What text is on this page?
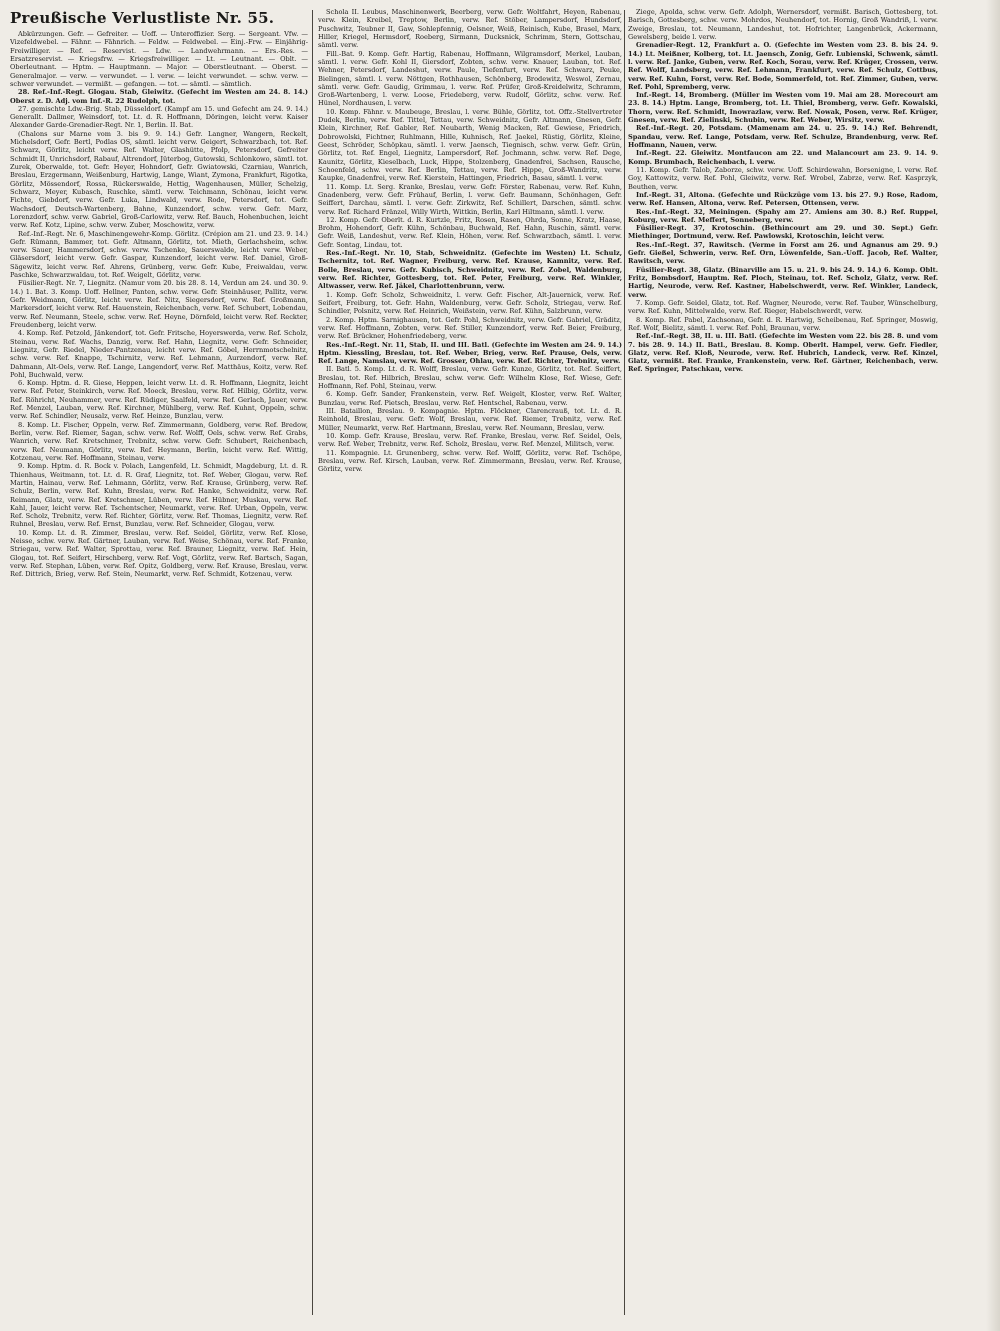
Preußische Verlustliste Nr. 55.

Abkürzungen. Gefr. — Gefreiter. — Uoff. — Unteroffizier. Serg. — Sergeant. Vfw. — Vizefeldwebel. — Fähnr. — Fähnrich. — Feldw. — Feldwebel. — Einj.-Frw. — Einjährig-Freiwilliger. — Ref. — Reservist. — Ldw. — Landwehrmann. — Ers.-Res. — Ersatzreservist. — Kriegsfrw. — Kriegsfreiwilliger. — Lt. — Leutnant. — Oblt. — Oberleutnant. — Hptm. — Hauptmann. — Major. — Oberstleutnant. — Oberst. — Generalmajor. — verw. — verwundet. — l. verw. — leicht verwundet. — schw. verw. — schwer verwundet. — vermißt. — gefangen. — tot. — sämtl. — sämtlich.

28. Ref.-Inf.-Regt. Glogau. Stab, Gleiwitz. (Gefecht im Westen am 24. 8. 14.) Oberst z. D. Adj. vom Inf.-R. 22 Rudolph, tot.

27. gemischte Ldw.-Brig. Stab, Düsseldorf. (Kampf am 15. und Gefecht am 24. 9. 14.) Generallt. Dallmer, Weinsdorf, tot. Lt. d. R. Hoffmann, Döringen, leicht verw. Kaiser Alexander Garde-Grenadier-Regt. Nr. 1, Berlin. II. Bat.

(Chalons sur Marne vom 3. bis 9. 9. 14.) Gefr. Langner, Wangern, Reckelt, Michelsdorf, Gefr. Bertl, Podlas OS, sämtl. leicht verw. Geigert, Schwarzbach, tot. Ref. Schwarz, Görlitz, leicht verw. Ref. Walter, Glashütte, Pfolp, Petersdorf, Gefreiter Schmidt II, Unrichsdorf, Rabauf, Altrendorf, Jüterbog, Gutowski, Schlonkowo, sämtl. tot. Zurek, Oberwalde, tot. Gefr. Heyer, Hohndorf, Gefr. Gwiatowski, Czarniau, Wanrich, Breslau, Erzgermann, Weißenburg, Hartwig, Lange, Wiant, Zymona, Frankfurt, Rigotka, Görlitz, Mössendorf, Rossa, Rückerswalde, Hettig, Wagenhausen, Müller, Schelzig, Schwarz, Meyer, Kubasch, Ruschke, sämtl. verw. Teichmann, Schönau, leicht verw. Fichte, Giebdorf, verw. Gefr. Luka, Lindwald, verw. Rode, Petersdorf, tot. Gefr. Wachsdorf, Deutsch-Wartenberg, Bahne, Kunzendorf, schw. verw. Gefr. Marz, Lorenzdorf, schw. verw. Gabriel, Groß-Carlowitz, verw. Ref. Bauch, Hohenbuchen, leicht verw. Ref. Kotz, Lipine, schw. verw. Zuber, Moschowitz, verw.

Ref.-Inf.-Regt. Nr. 6, Maschinengewehr-Komp. Görlitz. (Crépion am 21. und 23. 9. 14.) Gefr. Rümann, Bammer, tot. Gefr. Altmann, Görlitz, tot. Mieth, Gerlachsheim, schw. verw. Sauer, Hammersdorf, schw. verw. Tschenke, Sauerswalde, leicht verw. Weber, Gläsersdorf, leicht verw. Gefr. Gaspar, Kunzendorf, leicht verw. Ref. Daniel, Groß-Sägewitz, leicht verw. Ref. Ahrens, Grünberg, verw. Gefr. Kube, Freiwaldau, verw. Paschke, Schwarzwaldau, tot. Ref. Weigelt, Görlitz, verw.

Füsilier-Regt. Nr. 7, Liegnitz. (Namur vom 20. bis 28. 8. 14, Verdun am 24. und 30. 9. 14.) 1. Bat. 3. Komp. Uoff. Hellner, Panten, schw. verw. Gefr. Steinhäuser, Pallitz, verw. Gefr. Weidmann, Görlitz, leicht verw. Ref. Nitz, Siegersdorf, verw. Ref. Großmann, Markersdorf, leicht verw. Ref. Hauenstein, Reichenbach, verw. Ref. Schubert, Lobendau, verw. Ref. Neumann, Steele, schw. verw. Ref. Heyne, Dörnfeld, leicht verw. Ref. Reckter, Freudenberg, leicht verw.

4. Komp. Ref. Petzold, Jänkendorf, tot. Gefr. Fritsche, Hoyerswerda, verw. Ref. Scholz, Steinau, verw. Ref. Wachs, Danzig, verw. Ref. Hahn, Liegnitz, verw. Gefr. Schneider, Liegnitz, Gefr. Riedel, Nieder-Pantzenau, leicht verw. Ref. Göbel, Herrnmotschelnitz, schw. verw. Ref. Knappe, Tschirnitz, verw. Ref. Lehmann, Aurzendorf, verw. Ref. Dahmann, Alt-Oels, verw. Ref. Lange, Langendorf, verw. Ref. Matthäus, Koitz, verw. Ref. Pohl, Buchwald, verw.

6. Komp. Hptm. d. R. Giese, Heppen, leicht verw. Lt. d. R. Hoffmann, Liegnitz, leicht verw. Ref. Peter, Steinkirch, verw. Ref. Moeck, Breslau, verw. Ref. Hilbig, Görlitz, verw. Ref. Röhricht, Neuhammer, verw. Ref. Rüdiger, Saalfeld, verw. Ref. Gerlach, Jauer, verw. Ref. Menzel, Lauban, verw. Ref. Kirchner, Mühlberg, verw. Ref. Kuhnt, Oppeln, schw. verw. Ref. Schindler, Neusalz, verw. Ref. Heinze, Bunzlau, verw.

8. Komp. Lt. Fischer, Oppeln, verw. Ref. Zimmermann, Goldberg, verw. Ref. Bredow, Berlin, verw. Ref. Riemer, Sagan, schw. verw. Ref. Wolff, Oels, schw. verw. Ref. Grabs, Wanrich, verw. Ref. Kretschmer, Trebnitz, schw. verw. Gefr. Schubert, Reichenbach, verw. Ref. Neumann, Görlitz, verw. Ref. Heymann, Berlin, leicht verw. Ref. Wittig, Kotzenau, verw. Ref. Hoffmann, Steinau, verw.

9. Komp. Hptm. d. R. Bock v. Polach, Langenfeld, Lt. Schmidt, Magdeburg, Lt. d. R. Thienhaus, Weitmann, tot. Lt. d. R. Graf, Liegnitz, tot. Ref. Weber, Glogau, verw. Ref. Martin, Hainau, verw. Ref. Lehmann, Görlitz, verw. Ref. Krause, Grünberg, verw. Ref. Schulz, Berlin, verw. Ref. Kuhn, Breslau, verw. Ref. Hanke, Schweidnitz, verw. Ref. Reimann, Glatz, verw. Ref. Kretschmer, Lüben, verw. Ref. Hübner, Muskau, verw. Ref. Kahl, Jauer, leicht verw. Ref. Tschentscher, Neumarkt, verw. Ref. Urban, Oppeln, verw. Ref. Scholz, Trebnitz, verw. Ref. Richter, Görlitz, verw. Ref. Thomas, Liegnitz, verw. Ref. Ruhnel, Breslau, verw. Ref. Ernst, Bunzlau, verw. Ref. Schneider, Glogau, verw.

10. Komp. Lt. d. R. Zimmer, Breslau, verw. Ref. Seidel, Görlitz, verw. Ref. Klose, Neisse, schw. verw. Ref. Gärtner, Lauban, verw. Ref. Weise, Schönau, verw. Ref. Franke, Striegau, verw. Ref. Walter, Sprottau, verw. Ref. Brauner, Liegnitz, verw. Ref. Hein, Glogau, tot. Ref. Seifert, Hirschberg, verw. Ref. Vogt, Görlitz, verw. Ref. Bartsch, Sagan, verw. Ref. Stephan, Lüben, verw. Ref. Opitz, Goldberg, verw. Ref. Krause, Breslau, verw. Ref. Dittrich, Brieg, verw. Ref. Stein, Neumarkt, verw. Ref. Schmidt, Kotzenau, verw.

Schola II. Leubus, Maschinenwerk, Beerberg, verw. Gefr. Woltfahrt, Heyen, Rabenau, verw. Klein, Kreibel, Treptow, Berlin, verw. Ref. Stöber, Lampersdorf, Hundsdorf, Puschwitz, Teubner II, Gaw, Sohlepfennig, Oelsner, Weiß, Reinisch, Kube, Brasel, Marx, Hiller, Kriegel, Hermsdorf, Roeberg, Sirmann, Ducksnick, Schrimm, Stern, Gottschau, sämtl. verw.

Fill.-Bat. 9. Komp. Gefr. Hartig, Rabenau, Hoffmann, Wilgramsdorf, Merkel, Lauban, sämtl. l. verw. Gefr. Kohl II, Giersdorf, Zobten, schw. verw. Knauer, Lauban, tot. Ref. Wehner, Petersdorf, Landeshut, verw. Paule, Tiefenfurt, verw. Ref. Schwarz, Peuke, Bielingen, sämtl. l. verw. Nöttgen, Rothhausen, Schönberg, Brodewitz, Weswol, Zernau, sämtl. verw. Gefr. Gaudig, Grimmau, l. verw. Ref. Prüfer, Groß-Kreidelwitz, Schramm, Groß-Wartenberg, l. verw. Loose, Friedeberg, verw. Rudolf, Görlitz, schw. verw. Ref. Hünel, Nordhausen, l. verw.

10. Komp. Fähnr. v. Maubeuge, Breslau, l. verw. Bühle, Görlitz, tot. Offz.-Stellvertreter Dudek, Berlin, verw. Ref. Tittel, Tettau, verw. Schweidnitz, Gefr. Altmann, Gnesen, Gefr. Klein, Kirchner, Ref. Gabler, Ref. Neubarth, Wenig Macken, Ref. Gewiese, Friedrich, Dobrowolski, Fichtner, Ruhlmann, Hille, Kuhnisch, Ref. Jaekel, Rüstig, Görlitz, Kleine, Geest, Schröder, Schöpkau, sämtl. l. verw. Jaensch, Tiegnisch, schw. verw. Gefr. Grün, Görlitz, tot. Ref. Engel, Liegnitz, Lampersdorf, Ref. Jochmann, schw. verw. Ref. Dege, Kaunitz, Görlitz, Kieselbach, Luck, Hippe, Stolzenberg, Gnadenfrei, Sachsen, Rausche, Schoenfeld, schw. verw. Ref. Berlin, Tettau, verw. Ref. Hippe, Groß-Wandritz, verw. Kaupke, Gnadenfrei, verw. Ref. Kierstein, Hattingen, Friedrich, Basau, sämtl. l. verw.

11. Komp. Lt. Serg. Kranke, Breslau, verw. Gefr. Förster, Rabenau, verw. Ref. Kuhn, Gnadenberg, verw. Gefr. Frühauf, Berlin, l. verw. Gefr. Baumann, Schönhagen, Gefr. Seiffert, Darchau, sämtl. l. verw. Gefr. Zirkwitz, Ref. Schillert, Darschen, sämtl. schw. verw. Ref. Richard Fränzel, Willy Wirth, Wittkin, Berlin, Karl Hiltmann, sämtl. l. verw.

12. Komp. Gefr. Oberlt. d. R. Kurtzle, Fritz, Rosen, Rasen, Ohrda, Sonne, Kratz, Haase, Brohm, Hohendorf, Gefr. Kühn, Schönbau, Buchwald, Ref. Hahn, Ruschin, sämtl. verw. Gefr. Weiß, Landeshut, verw. Ref. Klein, Höhen, verw. Ref. Schwarzbach, sämtl. l. verw. Gefr. Sontag, Lindau, tot.

Res.-Inf.-Regt. Nr. 10, Stab, Schweidnitz. (Gefechte im Westen) Lt. Schulz, Tschernitz, tot. Ref. Wagner, Freiburg, verw. Ref. Krause, Kamnitz, verw. Ref. Bolle, Breslau, verw. Gefr. Kubisch, Schweidnitz, verw. Ref. Zobel, Waldenburg, verw. Ref. Richter, Gottesberg, tot. Ref. Peter, Freiburg, verw. Ref. Winkler, Altwasser, verw. Ref. Jäkel, Charlottenbrunn, verw.

1. Komp. Gefr. Scholz, Schweidnitz, l. verw. Gefr. Fischer, Alt-Jauernick, verw. Ref. Seifert, Freiburg, tot. Gefr. Hahn, Waldenburg, verw. Gefr. Scholz, Striegau, verw. Ref. Schindler, Polsnitz, verw. Ref. Heinrich, Weißstein, verw. Ref. Kühn, Salzbrunn, verw.

2. Komp. Hptm. Sarnighausen, tot. Gefr. Pohl, Schweidnitz, verw. Gefr. Gabriel, Gräditz, verw. Ref. Hoffmann, Zobten, verw. Ref. Stiller, Kunzendorf, verw. Ref. Beier, Freiburg, verw. Ref. Brückner, Hohenfriedeberg, verw.

Res.-Inf.-Regt. Nr. 11, Stab, II. und III. Batl. (Gefechte im Westen am 24. 9. 14.) Hptm. Kiessling, Breslau, tot. Ref. Weber, Brieg, verw. Ref. Prause, Oels, verw. Ref. Lange, Namslau, verw. Ref. Grosser, Ohlau, verw. Ref. Richter, Trebnitz, verw.

II. Batl. 5. Komp. Lt. d. R. Wolff, Breslau, verw. Gefr. Kunze, Görlitz, tot. Ref. Seiffert, Breslau, tot. Ref. Hilbrich, Breslau, schw. verw. Gefr. Wilhelm Klose, Ref. Wiese, Gefr. Hoffmann, Ref. Pohl, Steinau, verw.

6. Komp. Gefr. Sander, Frankenstein, verw. Ref. Weigelt, Kloster, verw. Ref. Walter, Bunzlau, verw. Ref. Pietsch, Breslau, verw. Ref. Hentschel, Rabenau, verw.

III. Bataillon, Breslau. 9. Kompagnie. Hptm. Flöckner, Clarencrauß, tot. Lt. d. R. Reinhold, Breslau, verw. Gefr. Wolf, Breslau, verw. Ref. Riemer, Trebnitz, verw. Ref. Müller, Neumarkt, verw. Ref. Hartmann, Breslau, verw. Ref. Neumann, Breslau, verw.

10. Komp. Gefr. Krause, Breslau, verw. Ref. Franke, Breslau, verw. Ref. Seidel, Oels, verw. Ref. Weber, Trebnitz, verw. Ref. Scholz, Breslau, verw. Ref. Menzel, Militsch, verw.

11. Kompagnie. Lt. Grunenberg, schw. verw. Ref. Wolff, Görlitz, verw. Ref. Tschöpe, Breslau, verw. Ref. Kirsch, Lauban, verw. Ref. Zimmermann, Breslau, verw. Ref. Krause, Görlitz, verw.

Ziege, Apolda, schw. verw. Gefr. Adolph, Wernersdorf, vermißt. Barisch, Gottesberg, tot. Barisch, Gottesberg, schw. verw. Mohrdos, Neuhendorf, tot. Hornig, Groß Wandriß, l. verw. Zweige, Breslau, tot. Neumann, Landeshut, tot. Hofrichter, Langenbrück, Ackermann, Gewelsberg, beide l. verw.

Grenadier-Regt. 12, Frankfurt a. O. (Gefechte im Westen vom 23. 8. bis 24. 9. 14.) Lt. Meißner, Kolberg, tot. Lt. Jaensch, Zonig, Gefr. Lubienski, Schwenk, sämtl. l. verw. Ref. Janke, Guben, verw. Ref. Koch, Sorau, verw. Ref. Krüger, Crossen, verw. Ref. Wolff, Landsberg, verw. Ref. Lehmann, Frankfurt, verw. Ref. Schulz, Cottbus, verw. Ref. Kuhn, Forst, verw. Ref. Bode, Sommerfeld, tot. Ref. Zimmer, Guben, verw. Ref. Pohl, Spremberg, verw.

Inf.-Regt. 14, Bromberg. (Müller im Westen vom 19. Mai am 28. Morecourt am 23. 8. 14.) Hptm. Lange, Bromberg, tot. Lt. Thiel, Bromberg, verw. Gefr. Kowalski, Thorn, verw. Ref. Schmidt, Inowrazlaw, verw. Ref. Nowak, Posen, verw. Ref. Krüger, Gnesen, verw. Ref. Zielinski, Schubin, verw. Ref. Weber, Wirsitz, verw.

Ref.-Inf.-Regt. 20, Potsdam. (Mamenam am 24. u. 25. 9. 14.) Ref. Behrendt, Spandau, verw. Ref. Lange, Potsdam, verw. Ref. Schulze, Brandenburg, verw. Ref. Hoffmann, Nauen, verw.

Inf.-Regt. 22. Gleiwitz. Montfaucon am 22. und Malancourt am 23. 9. 14. 9. Komp. Brumbach, Reichenbach, l. verw.

11. Komp. Gefr. Talob, Zaborze, schw. verw. Uoff. Schirdewahn, Borsenigne, l. verw. Ref. Goy, Kattowitz, verw. Ref. Pohl, Gleiwitz, verw. Ref. Wrobel, Zabrze, verw. Ref. Kasprzyk, Beuthen, verw.

Inf.-Regt. 31, Altona. (Gefechte und Rückzüge vom 13. bis 27. 9.) Rose, Radom, verw. Ref. Hansen, Altona, verw. Ref. Petersen, Ottensen, verw.

Res.-Inf.-Regt. 32, Meiningen. (Spahy am 27. Amiens am 30. 8.) Ref. Ruppel, Koburg, verw. Ref. Meffert, Sonneberg, verw.

Füsilier-Regt. 37, Krotoschin. (Bethincourt am 29. und 30. Sept.) Gefr. Miethinger, Dortmund, verw. Ref. Pawlowski, Krotoschin, leicht verw.

Res.-Inf.-Regt. 37, Rawitsch. (Verme in Forst am 26. und Agnanus am 29. 9.) Gefr. Gießel, Schwerin, verw. Ref. Orn, Löwenfelde, San.-Uoff. Jacob, Ref. Walter, Rawitsch, verw.

Füsilier-Regt. 38, Glatz. (Binarville am 15. u. 21. 9. bis 24. 9. 14.) 6. Komp. Oblt. Fritz, Bombsdorf, Hauptm. Ref. Ploch, Steinau, tot. Ref. Scholz, Glatz, verw. Ref. Hartig, Neurode, verw. Ref. Kastner, Habelschwerdt, verw. Ref. Winkler, Landeck, verw.

7. Komp. Gefr. Seidel, Glatz, tot. Ref. Wagner, Neurode, verw. Ref. Tauber, Wünschelburg, verw. Ref. Kuhn, Mittelwalde, verw. Ref. Rieger, Habelschwerdt, verw.

8. Komp. Ref. Pabel, Zachsonau, Gefr. d. R. Hartwig, Scheibenau, Ref. Springer, Moswig, Ref. Wolf, Bielitz, sämtl. l. verw. Ref. Pohl, Braunau, verw.

Ref.-Inf.-Regt. 38, II. u. III. Batl. (Gefechte im Westen vom 22. bis 28. 8. und vom 7. bis 28. 9. 14.) II. Batl., Breslau. 8. Komp. Oberlt. Hampel, verw. Gefr. Fiedler, Glatz, verw. Ref. Kloß, Neurode, verw. Ref. Hubrich, Landeck, verw. Ref. Kinzel, Glatz, vermißt. Ref. Franke, Frankenstein, verw. Ref. Gärtner, Reichenbach, verw. Ref. Springer, Patschkau, verw.
